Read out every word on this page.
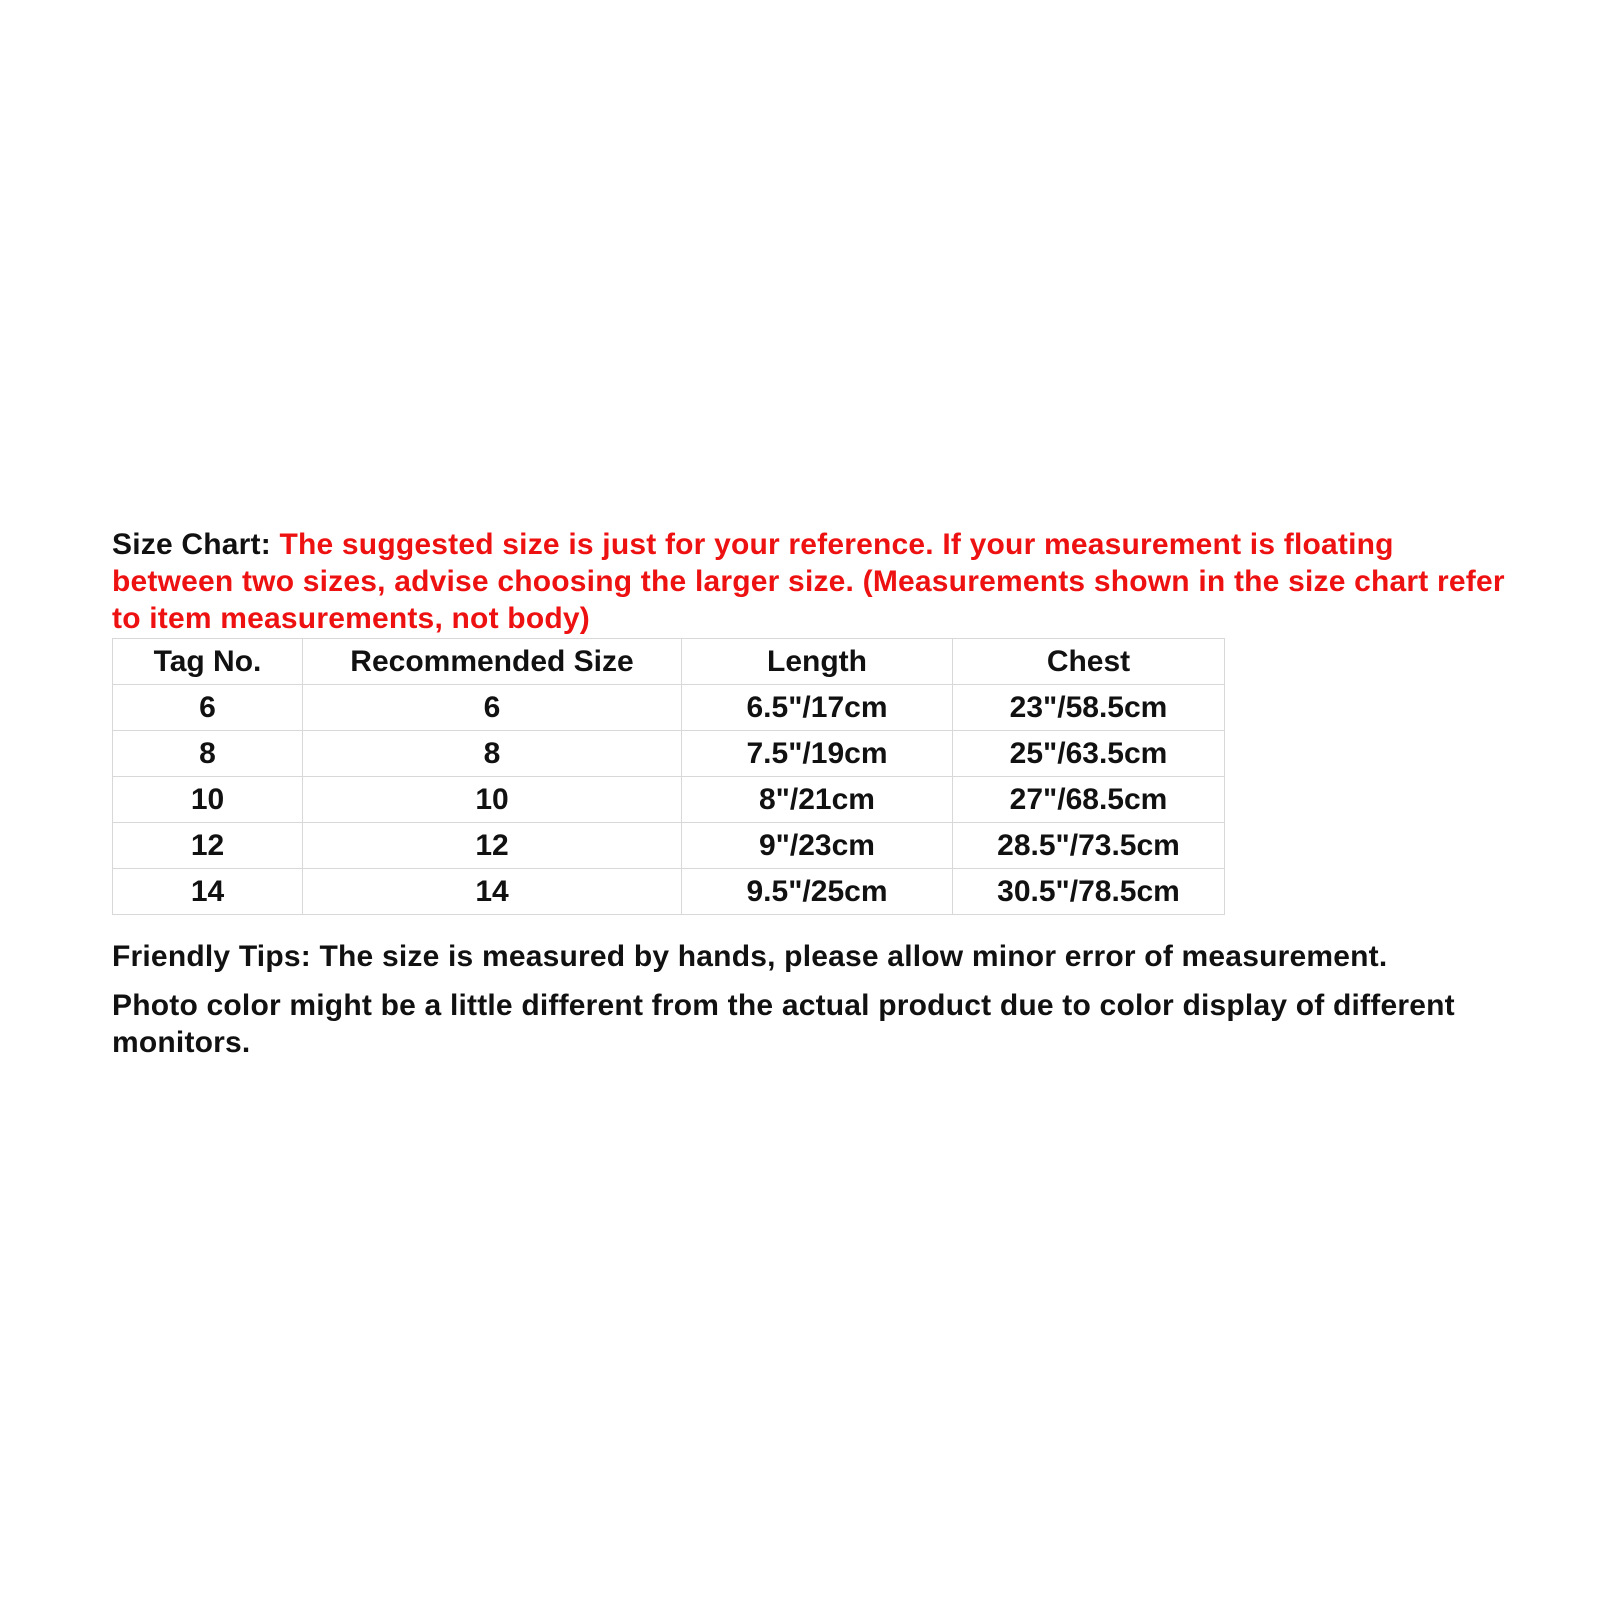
Size Chart: The suggested size is just for your reference. If your measurement is floating between two sizes, advise choosing the larger size. (Measurements shown in the size chart refer to item measurements, not body)
Tag No.	Recommended Size	Length	Chest
6	6	6.5"/17cm	23"/58.5cm
8	8	7.5"/19cm	25"/63.5cm
10	10	8"/21cm	27"/68.5cm
12	12	9"/23cm	28.5"/73.5cm
14	14	9.5"/25cm	30.5"/78.5cm

Friendly Tips: The size is measured by hands, please allow minor error of measurement.

Photo color might be a little different from the actual product due to color display of different monitors.
